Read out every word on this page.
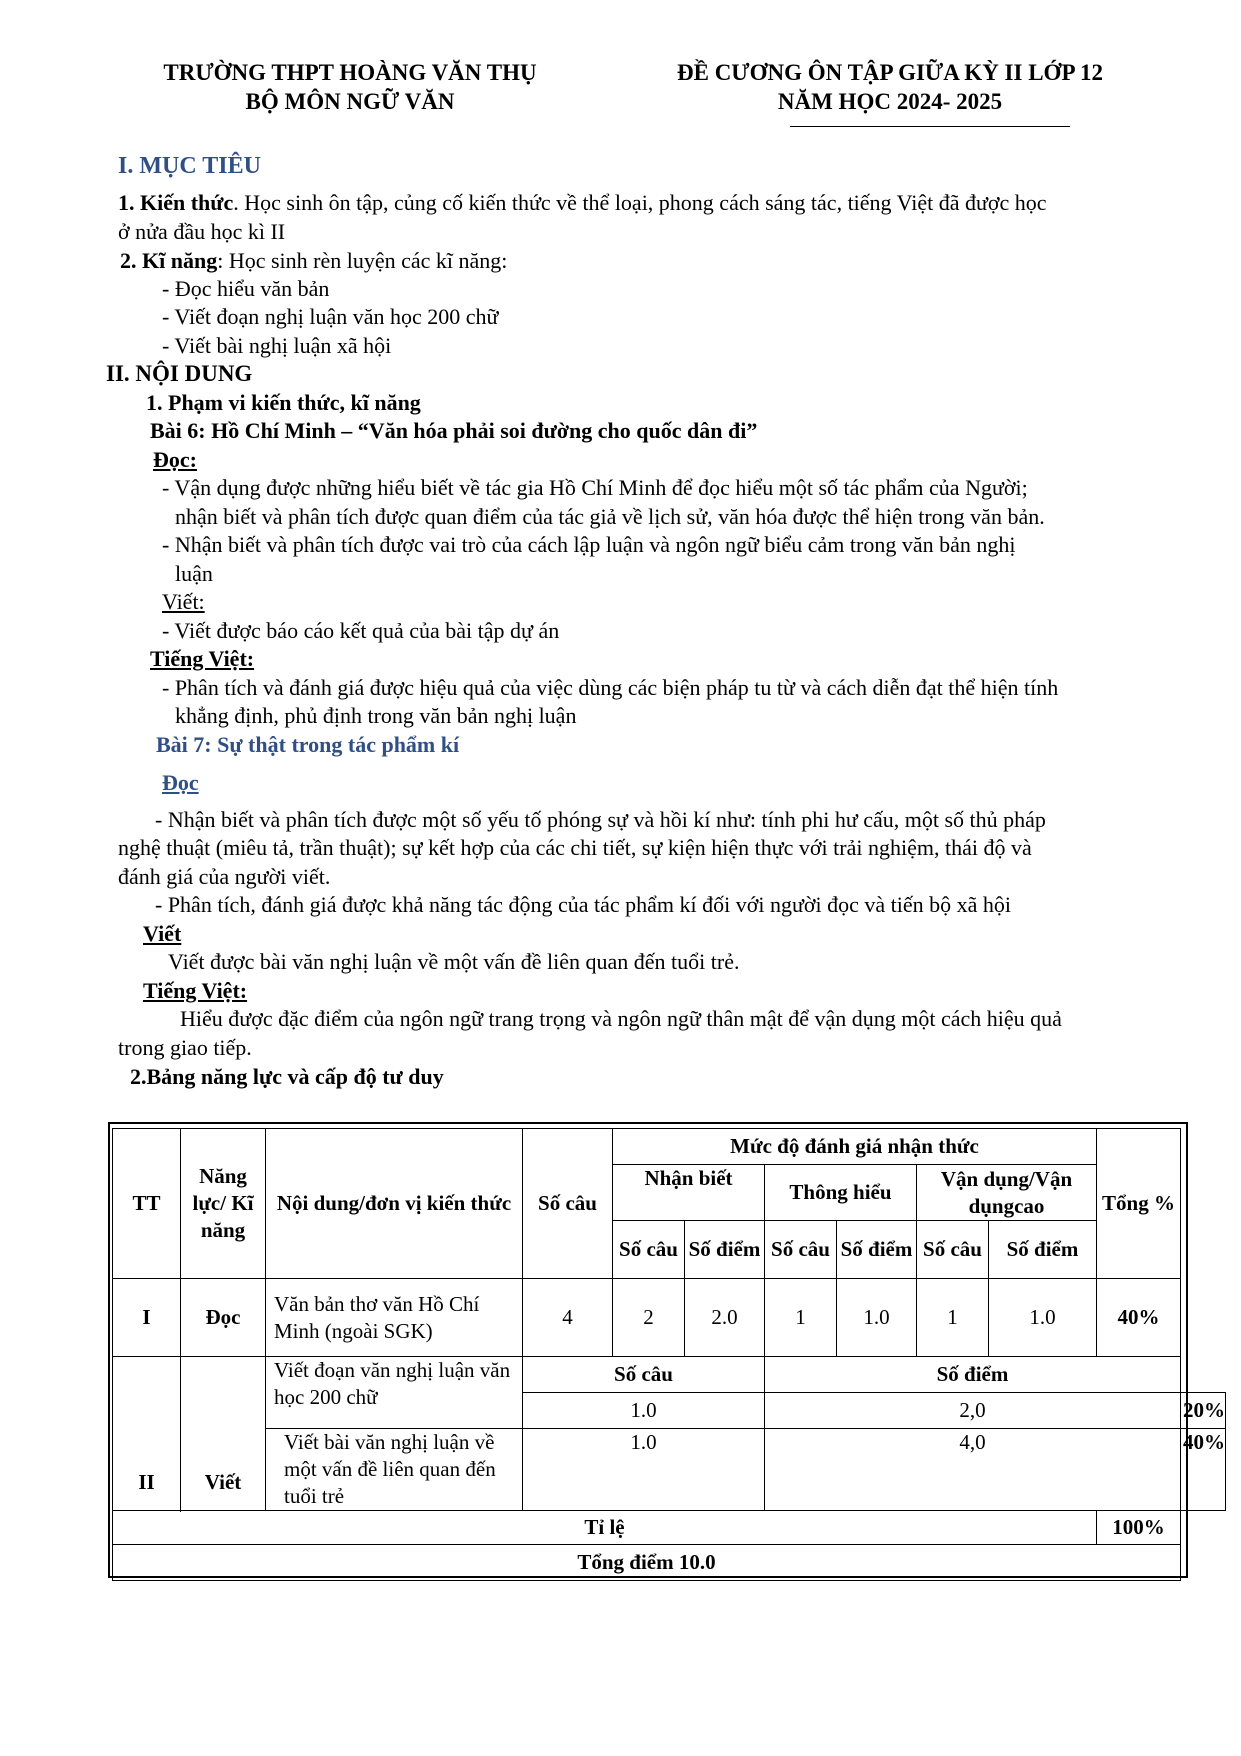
TRƯỜNG THPT HOÀNG VĂN THỤ
BỘ MÔN NGỮ VĂN
ĐỀ CƯƠNG ÔN TẬP GIỮA KỲ II LỚP 12
NĂM HỌC 2024- 2025
I. MỤC TIÊU
1. Kiến thức. Học sinh ôn tập, củng cố kiến thức về thể loại, phong cách sáng tác, tiếng Việt đã được học
ở nửa đầu học kì II
2. Kĩ năng: Học sinh rèn luyện các kĩ năng:
- Đọc hiểu văn bản
- Viết đoạn nghị luận văn học 200 chữ
- Viết bài nghị luận xã hội
II. NỘI DUNG
1. Phạm vi kiến thức, kĩ năng
Bài 6: Hồ Chí Minh – “Văn hóa phải soi đường cho quốc dân đi”
Đọc:
- Vận dụng được những hiểu biết về tác gia Hồ Chí Minh để đọc hiểu một số tác phẩm của Người;
nhận biết và phân tích được quan điểm của tác giả về lịch sử, văn hóa được thể hiện trong văn bản.
- Nhận biết và phân tích được vai trò của cách lập luận và ngôn ngữ biểu cảm trong văn bản nghị
luận
Viết:
- Viết được báo cáo kết quả của bài tập dự án
Tiếng Việt:
- Phân tích và đánh giá được hiệu quả của việc dùng các biện pháp tu từ và cách diễn đạt thể hiện tính
khẳng định, phủ định trong văn bản nghị luận
Bài 7: Sự thật trong tác phẩm kí
Đọc
- Nhận biết và phân tích được một số yếu tố phóng sự và hồi kí như: tính phi hư cấu, một số thủ pháp
nghệ thuật (miêu tả, trần thuật); sự kết hợp của các chi tiết, sự kiện hiện thực với trải nghiệm, thái độ và
đánh giá của người viết.
- Phân tích, đánh giá được khả năng tác động của tác phẩm kí đối với người đọc và tiến bộ xã hội
Viết
Viết được bài văn nghị luận về một vấn đề liên quan đến tuổi trẻ.
Tiếng Việt:
Hiểu được đặc điểm của ngôn ngữ trang trọng và ngôn ngữ thân mật để vận dụng một cách hiệu quả
trong giao tiếp.
2.Bảng năng lực và cấp độ tư duy
TT	Năng lực/ Kĩ năng	Nội dung/đơn vị kiến thức	Số câu	Mức độ đánh giá nhận thức						Tổng %	
				Nhận biết		Thông hiểu		Vận dụng/Vận dụngcao			
				Số câu	Số điểm	Số câu	Số điểm	Số câu	Số điểm		
I	Đọc	Văn bản thơ văn Hồ Chí Minh (ngoài SGK)	4	2	2.0	1	1.0	1	1.0	40%	
II	Viết	Viết đoạn văn nghị luận văn học 200 chữ	Số câu			Số điểm					
			1.0			2,0					20%
		Viết bài văn nghị luận về một vấn đề liên quan đến tuổi trẻ	1.0			4,0					40%

Tỉ lệ										100%	
Tổng điểm 10.0											
